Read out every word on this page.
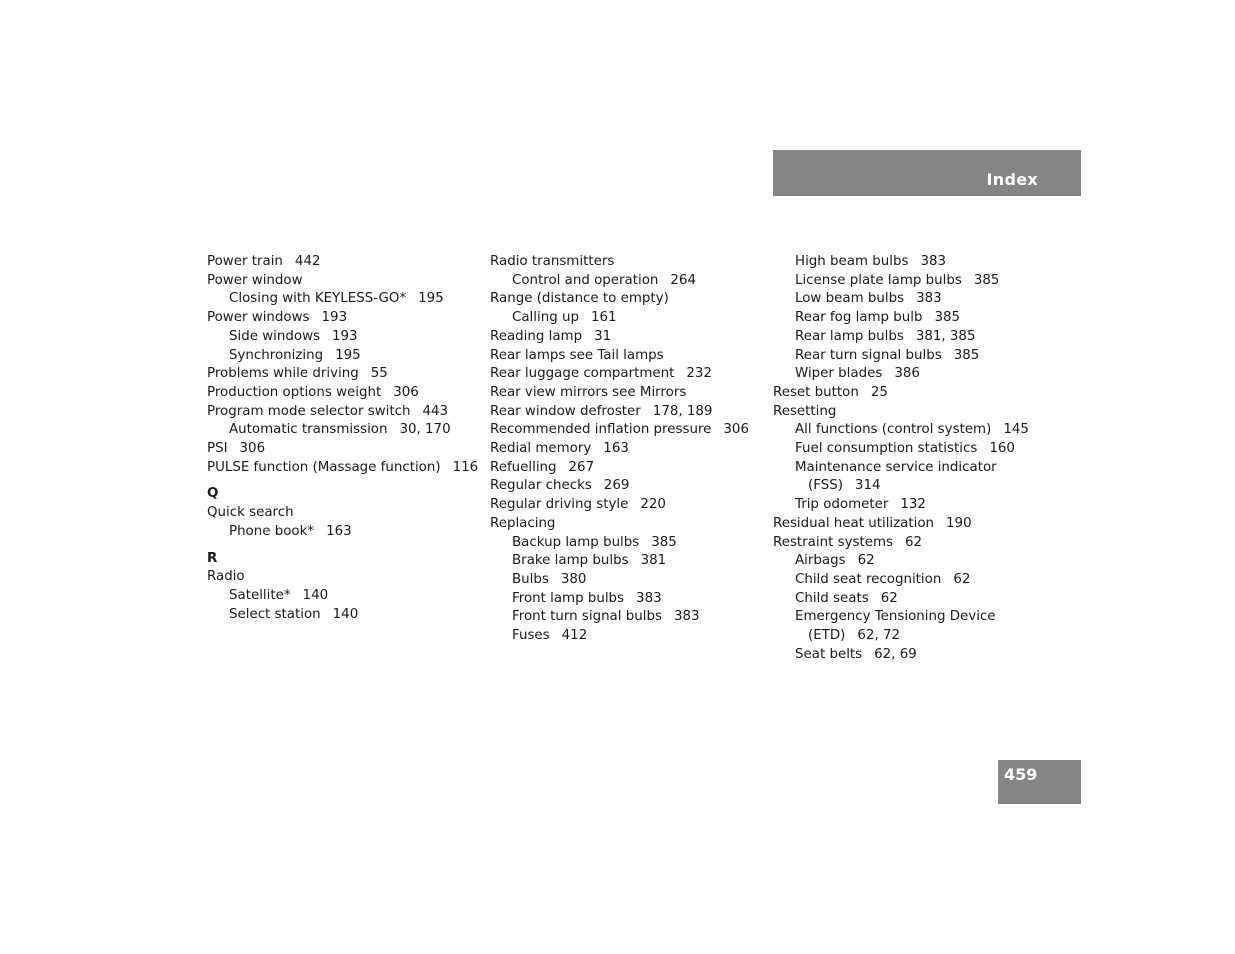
Index
Power train 442
Power window
Closing with KEYLESS-GO* 195
Power windows 193
Side windows 193
Synchronizing 195
Problems while driving 55
Production options weight 306
Program mode selector switch 443
Automatic transmission 30, 170
PSI 306
PULSE function (Massage function) 116
Q
Quick search
Phone book* 163
R
Radio
Satellite* 140
Select station 140
Radio transmitters
Control and operation 264
Range (distance to empty)
Calling up 161
Reading lamp 31
Rear lamps see Tail lamps
Rear luggage compartment 232
Rear view mirrors see Mirrors
Rear window defroster 178, 189
Recommended inflation pressure 306
Redial memory 163
Refuelling 267
Regular checks 269
Regular driving style 220
Replacing
Backup lamp bulbs 385
Brake lamp bulbs 381
Bulbs 380
Front lamp bulbs 383
Front turn signal bulbs 383
Fuses 412
High beam bulbs 383
License plate lamp bulbs 385
Low beam bulbs 383
Rear fog lamp bulb 385
Rear lamp bulbs 381, 385
Rear turn signal bulbs 385
Wiper blades 386
Reset button 25
Resetting
All functions (control system) 145
Fuel consumption statistics 160
Maintenance service indicator
(FSS) 314
Trip odometer 132
Residual heat utilization 190
Restraint systems 62
Airbags 62
Child seat recognition 62
Child seats 62
Emergency Tensioning Device
(ETD) 62, 72
Seat belts 62, 69
459
